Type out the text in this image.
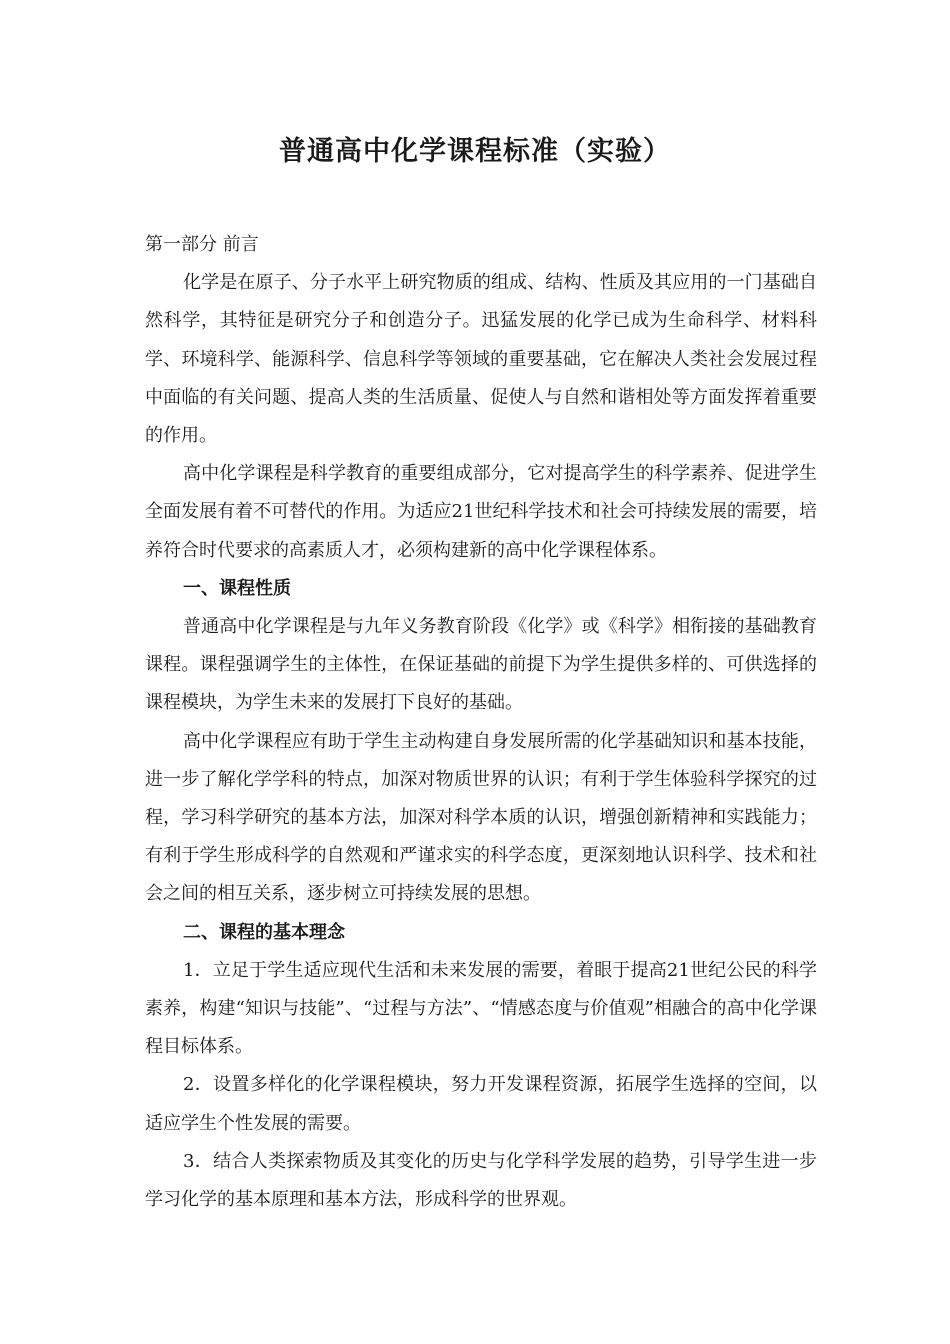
普通高中化学课程标准（实验）

第一部分 前言

化学是在原子、分子水平上研究物质的组成、结构、性质及其应用的一门基础自然科学，其特征是研究分子和创造分子。迅猛发展的化学已成为生命科学、材料科学、环境科学、能源科学、信息科学等领域的重要基础，它在解决人类社会发展过程中面临的有关问题、提高人类的生活质量、促使人与自然和谐相处等方面发挥着重要的作用。

高中化学课程是科学教育的重要组成部分，它对提高学生的科学素养、促进学生全面发展有着不可替代的作用。为适应21世纪科学技术和社会可持续发展的需要，培养符合时代要求的高素质人才，必须构建新的高中化学课程体系。

一、课程性质

普通高中化学课程是与九年义务教育阶段《化学》或《科学》相衔接的基础教育课程。课程强调学生的主体性，在保证基础的前提下为学生提供多样的、可供选择的课程模块，为学生未来的发展打下良好的基础。

高中化学课程应有助于学生主动构建自身发展所需的化学基础知识和基本技能，进一步了解化学学科的特点，加深对物质世界的认识；有利于学生体验科学探究的过程，学习科学研究的基本方法，加深对科学本质的认识，增强创新精神和实践能力；有利于学生形成科学的自然观和严谨求实的科学态度，更深刻地认识科学、技术和社会之间的相互关系，逐步树立可持续发展的思想。

二、课程的基本理念

1．立足于学生适应现代生活和未来发展的需要，着眼于提高21世纪公民的科学素养，构建“知识与技能”、“过程与方法”、“情感态度与价值观”相融合的高中化学课程目标体系。

2．设置多样化的化学课程模块，努力开发课程资源，拓展学生选择的空间，以适应学生个性发展的需要。

3．结合人类探索物质及其变化的历史与化学科学发展的趋势，引导学生进一步学习化学的基本原理和基本方法，形成科学的世界观。
